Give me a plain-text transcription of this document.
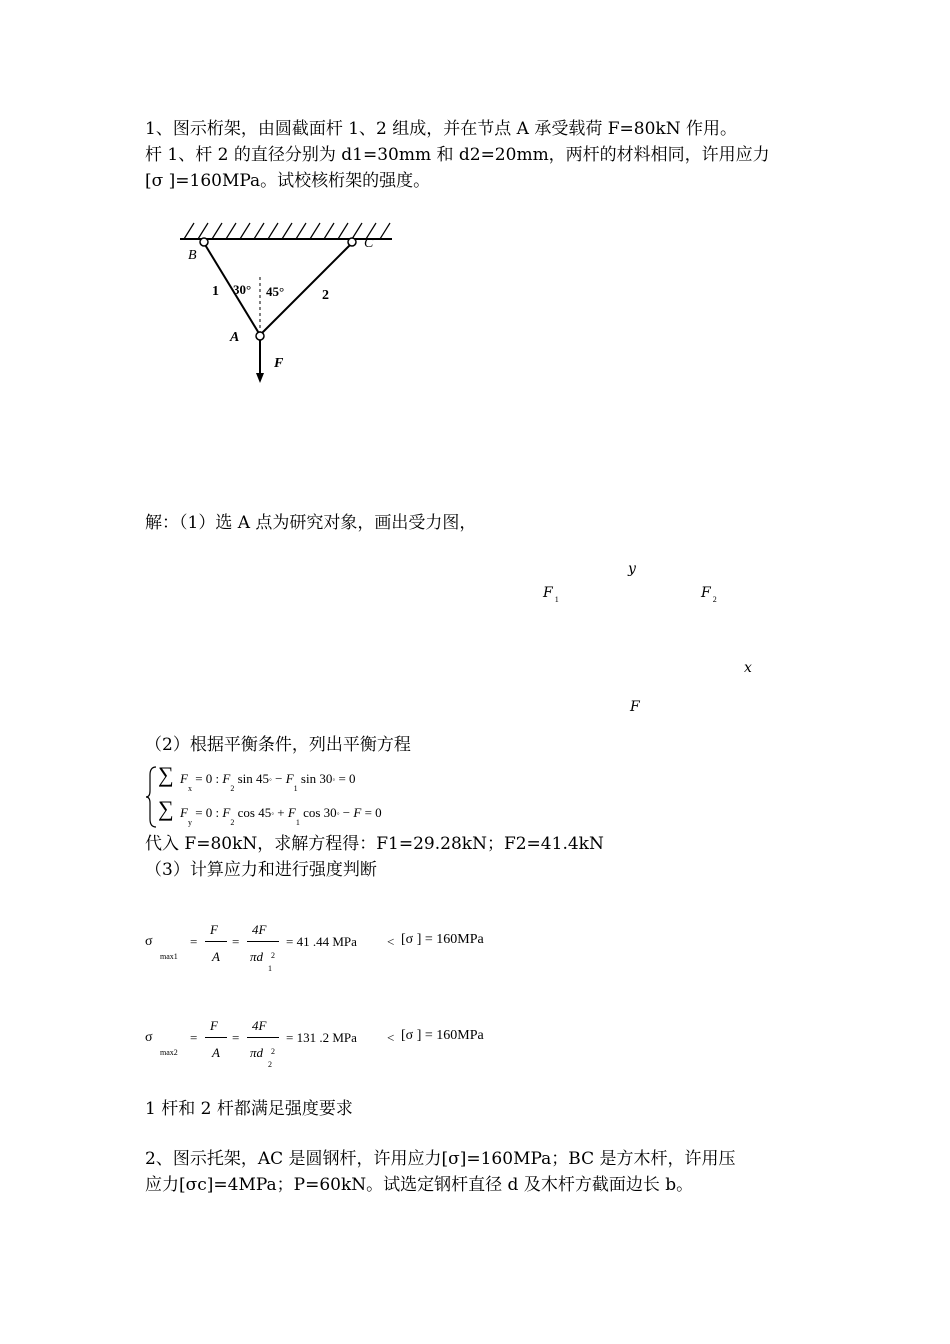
1、图示桁架，由圆截面杆 1、2 组成，并在节点 A 承受载荷 F=80kN 作用。
杆 1、杆 2 的直径分别为 d1=30mm 和 d2=20mm，两杆的材料相同，许用应力
[σ ]=160MPa。试校核桁架的强度。
B
C
A
1	2
30° 45°
F
解：（1）选 A 点为研究对象，画出受力图，
y
F $_1$	F $_2$
x
F
（2）根据平衡条件，列出平衡方程
∑
∑
$F_x = 0$ : $F_2$ sin 45◦ − $F_1$ sin 30◦ = 0
$F_y = 0$ : $F_2$ cos 45◦ + $F_1$ cos 30◦ − F = 0
代入 F=80kN，求解方程得：F1=29.28kN；F2=41.4kN
（3）计算应力和进行强度判断
σ
max1
=
F
A
=
4F
πd 2
1
= 41 .44 MPa < [σ ] = 160MPa
σ
max2
=
F
A
=
4F
πd 2
2
= 131 .2 MPa < [σ ] = 160MPa
1 杆和 2 杆都满足强度要求
2、图示托架，AC 是圆钢杆，许用应力[σ]=160MPa；BC 是方木杆，许用压
应力[σc]=4MPa；P=60kN。试选定钢杆直径 d 及木杆方截面边长 b。
